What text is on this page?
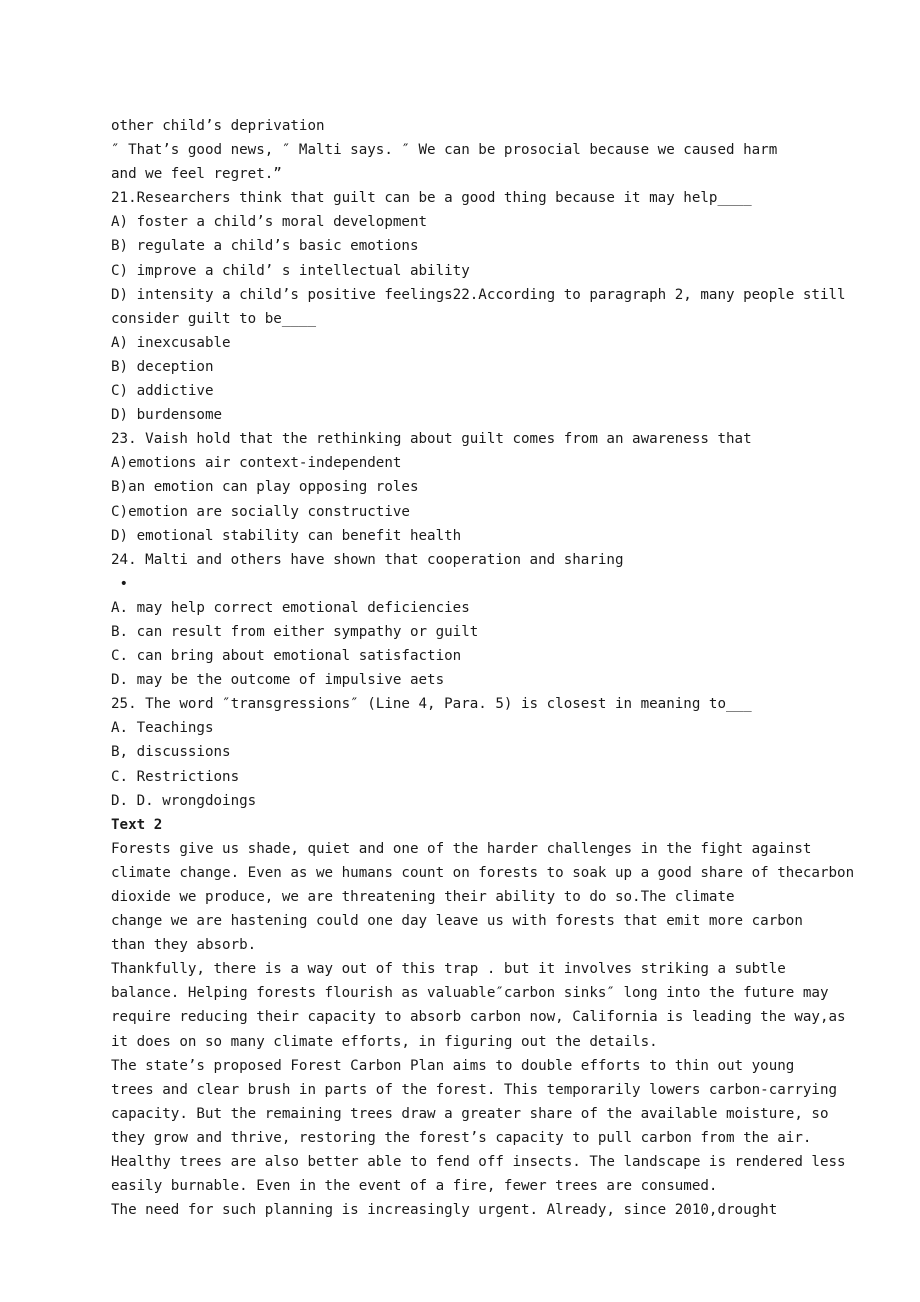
other child’s deprivation
″ That’s good news, ″ Malti says. ″ We can be prosocial because we caused harm
and we feel regret.”
21.Researchers think that guilt can be a good thing because it may help____
A) foster a child’s moral development
B) regulate a child’s basic emotions
C) improve a child’ s intellectual ability
D) intensity a child’s positive feelings22.According to paragraph 2, many people still
consider guilt to be____
A) inexcusable
B) deception
C) addictive
D) burdensome
23. Vaish hold that the rethinking about guilt comes from an awareness that
A)emotions air context-independent
B)an emotion can play opposing roles
C)emotion are socially constructive
D) emotional stability can benefit health
24. Malti and others have shown that cooperation and sharing
•
A. may help correct emotional deficiencies
B. can result from either sympathy or guilt
C. can bring about emotional satisfaction
D. may be the outcome of impulsive aets
25. The word ″transgressions″ (Line 4, Para. 5) is closest in meaning to___
A. Teachings
B, discussions
C. Restrictions
D. D. wrongdoings
Text 2
Forests give us shade, quiet and one of the harder challenges in the fight against
climate change. Even as we humans count on forests to soak up a good share of thecarbon
dioxide we produce, we are threatening their ability to do so.The climate
change we are hastening could one day leave us with forests that emit more carbon
than they absorb.
Thankfully, there is a way out of this trap . but it involves striking a subtle
balance. Helping forests flourish as valuable″carbon sinks″ long into the future may
require reducing their capacity to absorb carbon now, California is leading the way,as
it does on so many climate efforts, in figuring out the details.
The state’s proposed Forest Carbon Plan aims to double efforts to thin out young
trees and clear brush in parts of the forest. This temporarily lowers carbon-carrying
capacity. But the remaining trees draw a greater share of the available moisture, so
they grow and thrive, restoring the forest’s capacity to pull carbon from the air.
Healthy trees are also better able to fend off insects. The landscape is rendered less
easily burnable. Even in the event of a fire, fewer trees are consumed.
The need for such planning is increasingly urgent. Already, since 2010,drought
